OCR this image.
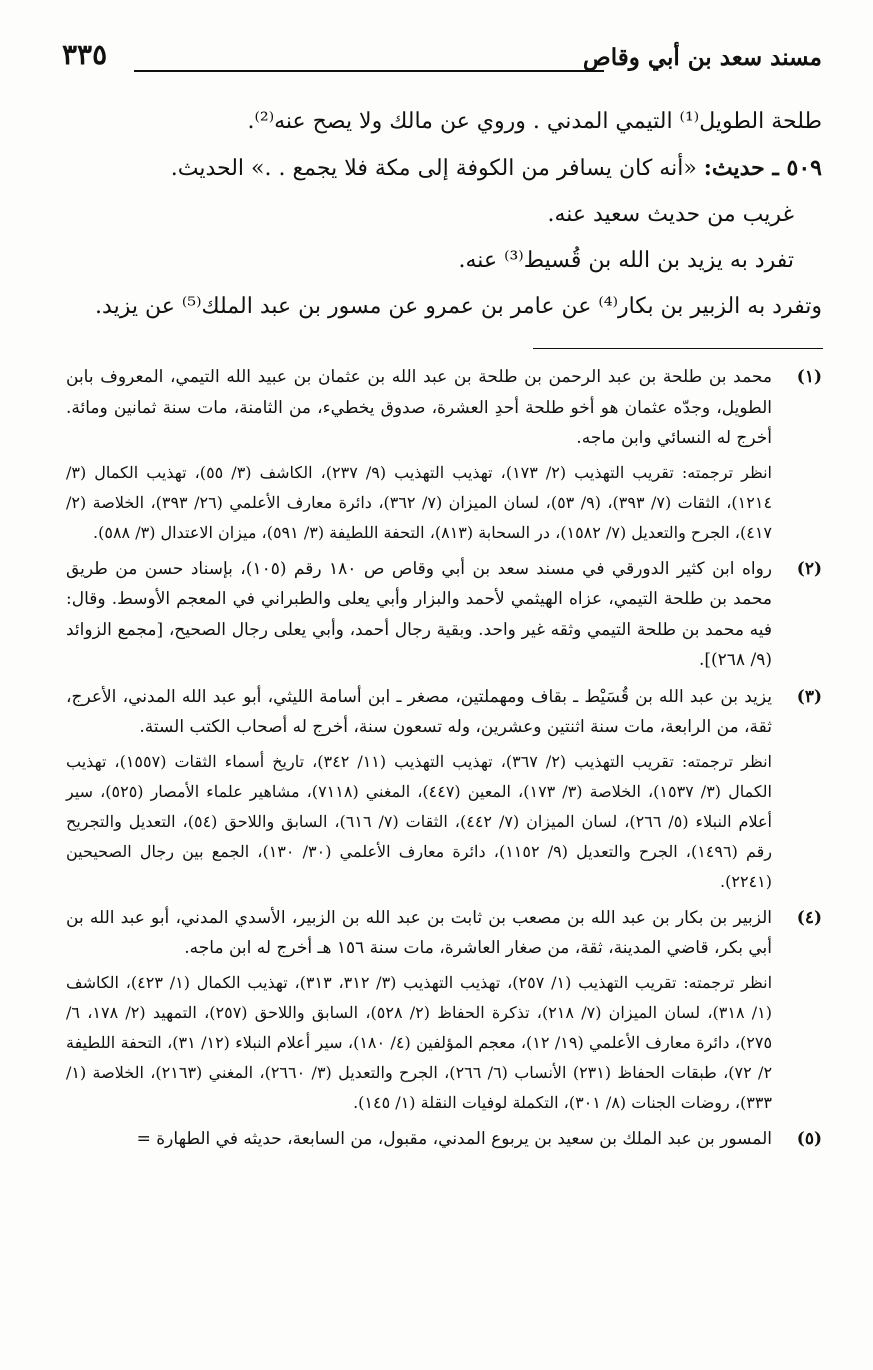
مسند سعد بن أبي وقاص
٣٣٥

طلحة الطويل⁽¹⁾ التيمي المدني . وروي عن مالك ولا يصح عنه⁽²⁾.

٥٠٩ ـ حديث: «أنه كان يسافر من الكوفة إلى مكة فلا يجمع . .» الحديث.

غريب من حديث سعيد عنه.

تفرد به يزيد بن الله بن قُسيط⁽³⁾ عنه.

وتفرد به الزبير بن بكار⁽⁴⁾ عن عامر بن عمرو عن مسور بن عبد الملك⁽⁵⁾ عن يزيد.

(١)

محمد بن طلحة بن عبد الرحمن بن طلحة بن عبد الله بن عثمان بن عبيد الله التيمي، المعروف بابن الطويل، وجدّه عثمان هو أخو طلحة أحدِ العشرة، صدوق يخطيء، من الثامنة، مات سنة ثمانين ومائة. أخرج له النسائي وابن ماجه.

انظر ترجمته: تقريب التهذيب (٢/ ١٧٣)، تهذيب التهذيب (٩/ ٢٣٧)، الكاشف (٣/ ٥٥)، تهذيب الكمال (٣/ ١٢١٤)، الثقات (٧/ ٣٩٣)، (٩/ ٥٣)، لسان الميزان (٧/ ٣٦٢)، دائرة معارف الأعلمي (٢٦/ ٣٩٣)، الخلاصة (٢/ ٤١٧)، الجرح والتعديل (٧/ ١٥٨٢)، در السحابة (٨١٣)، التحفة اللطيفة (٣/ ٥٩١)، ميزان الاعتدال (٣/ ٥٨٨).

(٢)

رواه ابن كثير الدورقي في مسند سعد بن أبي وقاص ص ١٨٠ رقم (١٠٥)، بإسناد حسن من طريق محمد بن طلحة التيمي، عزاه الهيثمي لأحمد والبزار وأبي يعلى والطبراني في المعجم الأوسط. وقال: فيه محمد بن طلحة التيمي وثقه غير واحد. وبقية رجال أحمد، وأبي يعلى رجال الصحيح، [مجمع الزوائد (٩/ ٢٦٨)].

(٣)

يزيد بن عبد الله بن قُسَيْط ـ بقاف ومهملتين، مصغر ـ ابن أسامة الليثي، أبو عبد الله المدني، الأعرج، ثقة، من الرابعة، مات سنة اثنتين وعشرين، وله تسعون سنة، أخرج له أصحاب الكتب الستة.

انظر ترجمته: تقريب التهذيب (٢/ ٣٦٧)، تهذيب التهذيب (١١/ ٣٤٢)، تاريخ أسماء الثقات (١٥٥٧)، تهذيب الكمال (٣/ ١٥٣٧)، الخلاصة (٣/ ١٧٣)، المعين (٤٤٧)، المغني (٧١١٨)، مشاهير علماء الأمصار (٥٢٥)، سير أعلام النبلاء (٥/ ٢٦٦)، لسان الميزان (٧/ ٤٤٢)، الثقات (٧/ ٦١٦)، السابق واللاحق (٥٤)، التعديل والتجريح رقم (١٤٩٦)، الجرح والتعديل (٩/ ١١٥٢)، دائرة معارف الأعلمي (٣٠/ ١٣٠)، الجمع بين رجال الصحيحين (٢٢٤١).

(٤)

الزبير بن بكار بن عبد الله بن مصعب بن ثابت بن عبد الله بن الزبير، الأسدي المدني، أبو عبد الله بن أبي بكر، قاضي المدينة، ثقة، من صغار العاشرة، مات سنة ١٥٦ هـ أخرج له ابن ماجه.

انظر ترجمته: تقريب التهذيب (١/ ٢٥٧)، تهذيب التهذيب (٣/ ٣١٢، ٣١٣)، تهذيب الكمال (١/ ٤٢٣)، الكاشف (١/ ٣١٨)، لسان الميزان (٧/ ٢١٨)، تذكرة الحفاظ (٢/ ٥٢٨)، السابق واللاحق (٢٥٧)، التمهيد (٢/ ١٧٨، ٦/ ٢٧٥)، دائرة معارف الأعلمي (١٩/ ١٢)، معجم المؤلفين (٤/ ١٨٠)، سير أعلام النبلاء (١٢/ ٣١)، التحفة اللطيفة ٢/ ٧٢)، طبقات الحفاظ (٢٣١) الأنساب (٦/ ٢٦٦)، الجرح والتعديل (٣/ ٢٦٦٠)، المغني (٢١٦٣)، الخلاصة (١/ ٣٣٣)، روضات الجنات (٨/ ٣٠١)، التكملة لوفيات النقلة (١/ ١٤٥).

(٥)

المسور بن عبد الملك بن سعيد بن يربوع المدني، مقبول، من السابعة، حديثه في الطهارة =
